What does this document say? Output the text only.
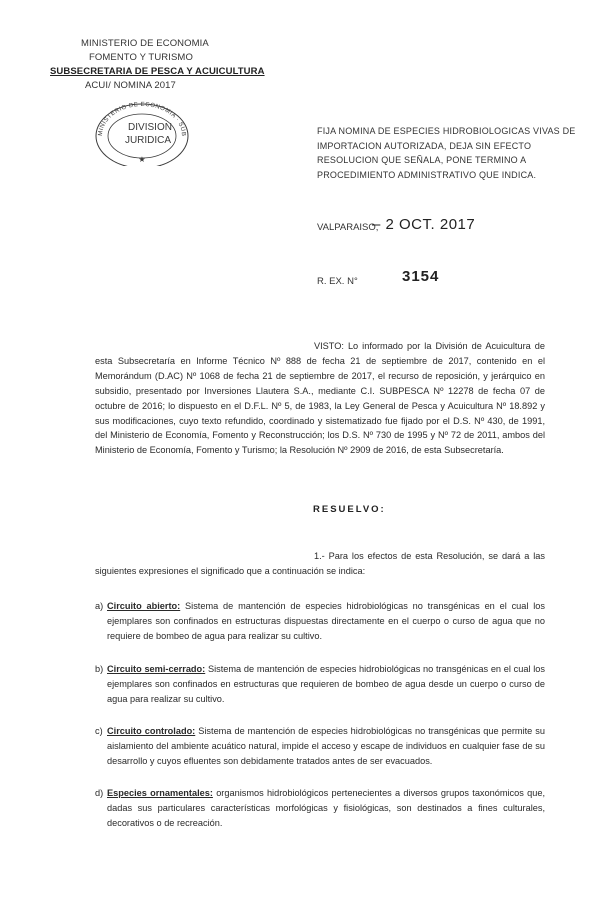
MINISTERIO DE ECONOMIA
FOMENTO Y TURISMO
SUBSECRETARIA DE PESCA Y ACUICULTURA
ACUI/ NOMINA 2017
MINISTERIO DE ECONOMIA · SUB
DIVISION
JURIDICA
★
FIJA NOMINA DE ESPECIES HIDROBIOLOGICAS VIVAS DE IMPORTACION AUTORIZADA, DEJA SIN EFECTO RESOLUCION QUE SEÑALA, PONE TERMINO A PROCEDIMIENTO ADMINISTRATIVO QUE INDICA.
VALPARAISO,
– 2 OCT. 2017
R. EX. N°	3154
VISTO: Lo informado por la División de Acuicultura de esta Subsecretaría en Informe Técnico Nº 888 de fecha 21 de septiembre de 2017, contenido en el Memorándum (D.AC) Nº 1068 de fecha 21 de septiembre de 2017, el recurso de reposición, y jerárquico en subsidio, presentado por Inversiones Llautera S.A., mediante C.I. SUBPESCA Nº 12278 de fecha 07 de octubre de 2016; lo dispuesto en el D.F.L. Nº 5, de 1983, la Ley General de Pesca y Acuicultura Nº 18.892 y sus modificaciones, cuyo texto refundido, coordinado y sistematizado fue fijado por el D.S. Nº 430, de 1991, del Ministerio de Economía, Fomento y Reconstrucción; los D.S. Nº 730 de 1995 y Nº 72 de 2011, ambos del Ministerio de Economía, Fomento y Turismo; la Resolución Nº 2909 de 2016, de esta Subsecretaría.
RESUELVO:
1.- Para los efectos de esta Resolución, se dará a las siguientes expresiones el significado que a continuación se indica:
a) Circuito abierto: Sistema de mantención de especies hidrobiológicas no transgénicas en el cual los ejemplares son confinados en estructuras dispuestas directamente en el cuerpo o curso de agua que no requiere de bombeo de agua para realizar su cultivo.
b) Circuito semi-cerrado: Sistema de mantención de especies hidrobiológicas no transgénicas en el cual los ejemplares son confinados en estructuras que requieren de bombeo de agua desde un cuerpo o curso de agua para realizar su cultivo.
c) Circuito controlado: Sistema de mantención de especies hidrobiológicas no transgénicas que permite su aislamiento del ambiente acuático natural, impide el acceso y escape de individuos en cualquier fase de su desarrollo y cuyos efluentes son debidamente tratados antes de ser evacuados.
d) Especies ornamentales: organismos hidrobiológicos pertenecientes a diversos grupos taxonómicos que, dadas sus particulares características morfológicas y fisiológicas, son destinados a fines culturales, decorativos o de recreación.
